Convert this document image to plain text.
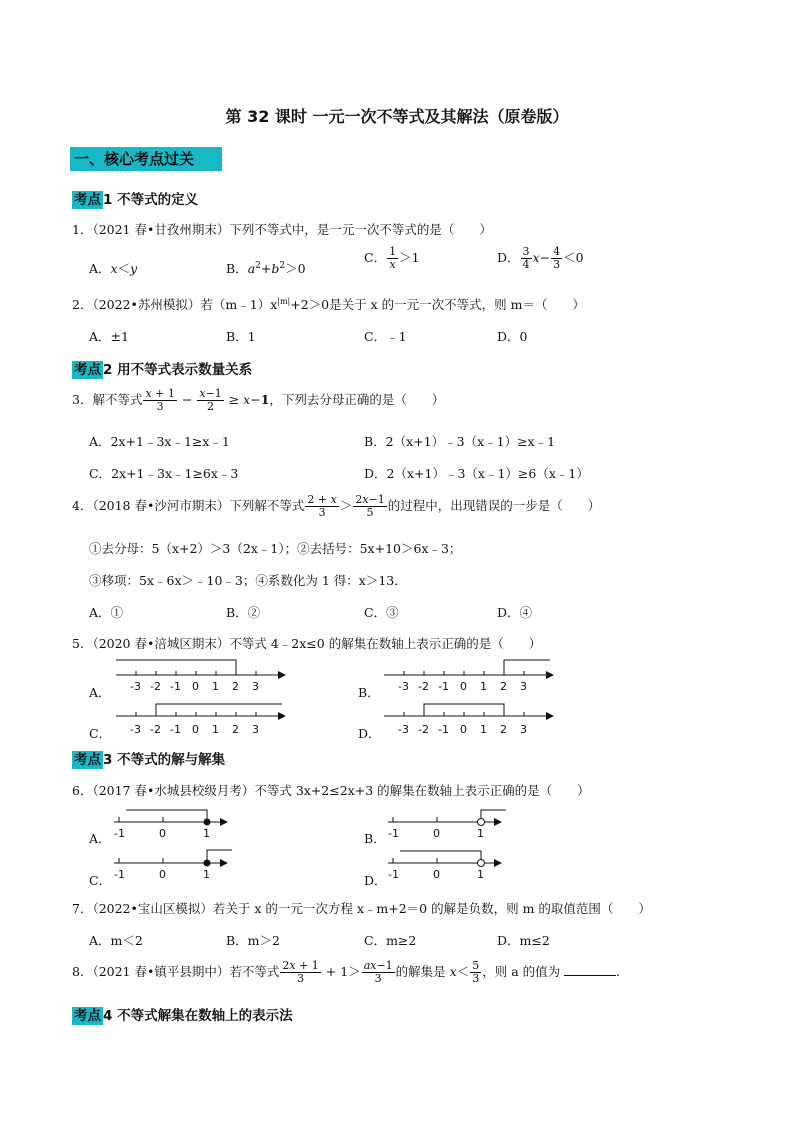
第 32 课时 一元一次不等式及其解法（原卷版）
一、核心考点过关
考点 1 不等式的定义
1．（2021 春•甘孜州期末）下列不等式中，是一元一次不等式的是（　　）
A．x＜y	B．$a^2+b^2>0$
C． $\frac{1}{x} >1$	D． $\frac{3}{4} x- \frac{4}{3} <0$
2．（2022•苏州模拟）若$(m﹣1)x^{|m|}+2>0$是关于 x 的一元一次不等式，则 m＝（　　）
A．±1	B．1	C．﹣1	D．0
考点 2 用不等式表示数量关系
3．解不等式 $\frac{x + 1}{3} - \frac{x-1}{2} \ge x-1$，下列去分母正确的是（　　）
A．2x+1﹣3x﹣1≥x﹣1	B．2（x+1）﹣3（x﹣1）≥x﹣1
C．2x+1﹣3x﹣1≥6x﹣3	D．2（x+1）﹣3（x﹣1）≥6（x﹣1）
4．（2018 春•沙河市期末）下列解不等式 $\frac{2 + x}{3} > \frac{2x-1}{5}$ 的过程中，出现错误的一步是（　　）
①去分母：5（x+2）＞3（2x﹣1）；②去括号：5x+10＞6x﹣3；
③移项：5x﹣6x＞﹣10﹣3；④系数化为 1 得：x＞13．
A．①	B．②	C．③	D．④
5．（2020 春•涪城区期末）不等式 4﹣2x≤0 的解集在数轴上表示正确的是（　　）
A．	B．
C．	D．
-3 -2 -1 0 1 2 3	-3 -2 -1 0 1 2 3
-3 -2 -1 0 1 2 3	-3 -2 -1 0 1 2 3
考点 3 不等式的解与解集
6．（2017 春•水城县校级月考）不等式 3x+2≤2x+3 的解集在数轴上表示正确的是（　　）
A．	B．
C．	D．
-1	0	1	-1	0	1
-1	0	1	-1	0	1
7．（2022•宝山区模拟）若关于 x 的一元一次方程 x﹣m+2＝0 的解是负数，则 m 的取值范围（　　）
A．m＜2	B．m＞2	C．m≥2	D．m≤2
8．（2021 春•镇平县期中）若不等式 $\frac{2x + 1}{3} + 1> \frac{ax-1}{3}$ 的解集是 $x< \frac{5}{3}$ ，则 a 的值为	．
考点 4 不等式解集在数轴上的表示法
